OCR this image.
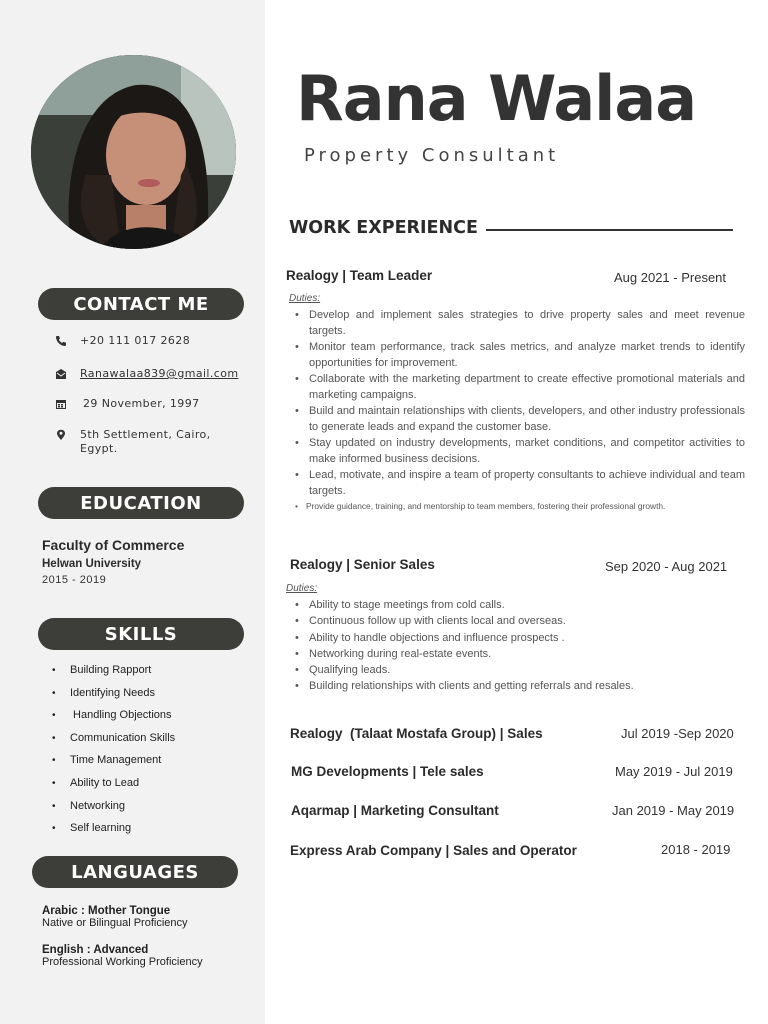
CONTACT ME
+20 111 017 2628
Ranawalaa839@gmail.com
29 November, 1997
5th Settlement, Cairo,
Egypt.
EDUCATION
Faculty of Commerce
Helwan University
2015 - 2019
SKILLS
• Building Rapport
• Identifying Needs
•  Handling Objections
• Communication Skills
• Time Management
• Ability to Lead
• Networking
• Self learning
LANGUAGES
Arabic : Mother Tongue
Native or Bilingual Proficiency
English : Advanced
Professional Working Proficiency
Rana Walaa
Property Consultant
WORK EXPERIENCE
Realogy | Team Leader	Aug 2021 - Present
Duties:
• Develop and implement sales strategies to drive property sales and meet revenue targets.
• Monitor team performance, track sales metrics, and analyze market trends to identify opportunities for improvement.
• Collaborate with the marketing department to create effective promotional materials and marketing campaigns.
• Build and maintain relationships with clients, developers, and other industry professionals to generate leads and expand the customer base.
• Stay updated on industry developments, market conditions, and competitor activities to make informed business decisions.
• Lead, motivate, and inspire a team of property consultants to achieve individual and team targets.
• Provide guidance, training, and mentorship to team members, fostering their professional growth.
Realogy | Senior Sales	Sep 2020 - Aug 2021
Duties:
• Ability to stage meetings from cold calls.
• Continuous follow up with clients local and overseas.
• Ability to handle objections and influence prospects .
• Networking during real-estate events.
• Qualifying leads.
• Building relationships with clients and getting referrals and resales.
Realogy  (Talaat Mostafa Group) | Sales	Jul 2019 -Sep 2020
MG Developments | Tele sales	May 2019 - Jul 2019
Aqarmap | Marketing Consultant	Jan 2019 - May 2019
Express Arab Company | Sales and Operator	2018 - 2019
